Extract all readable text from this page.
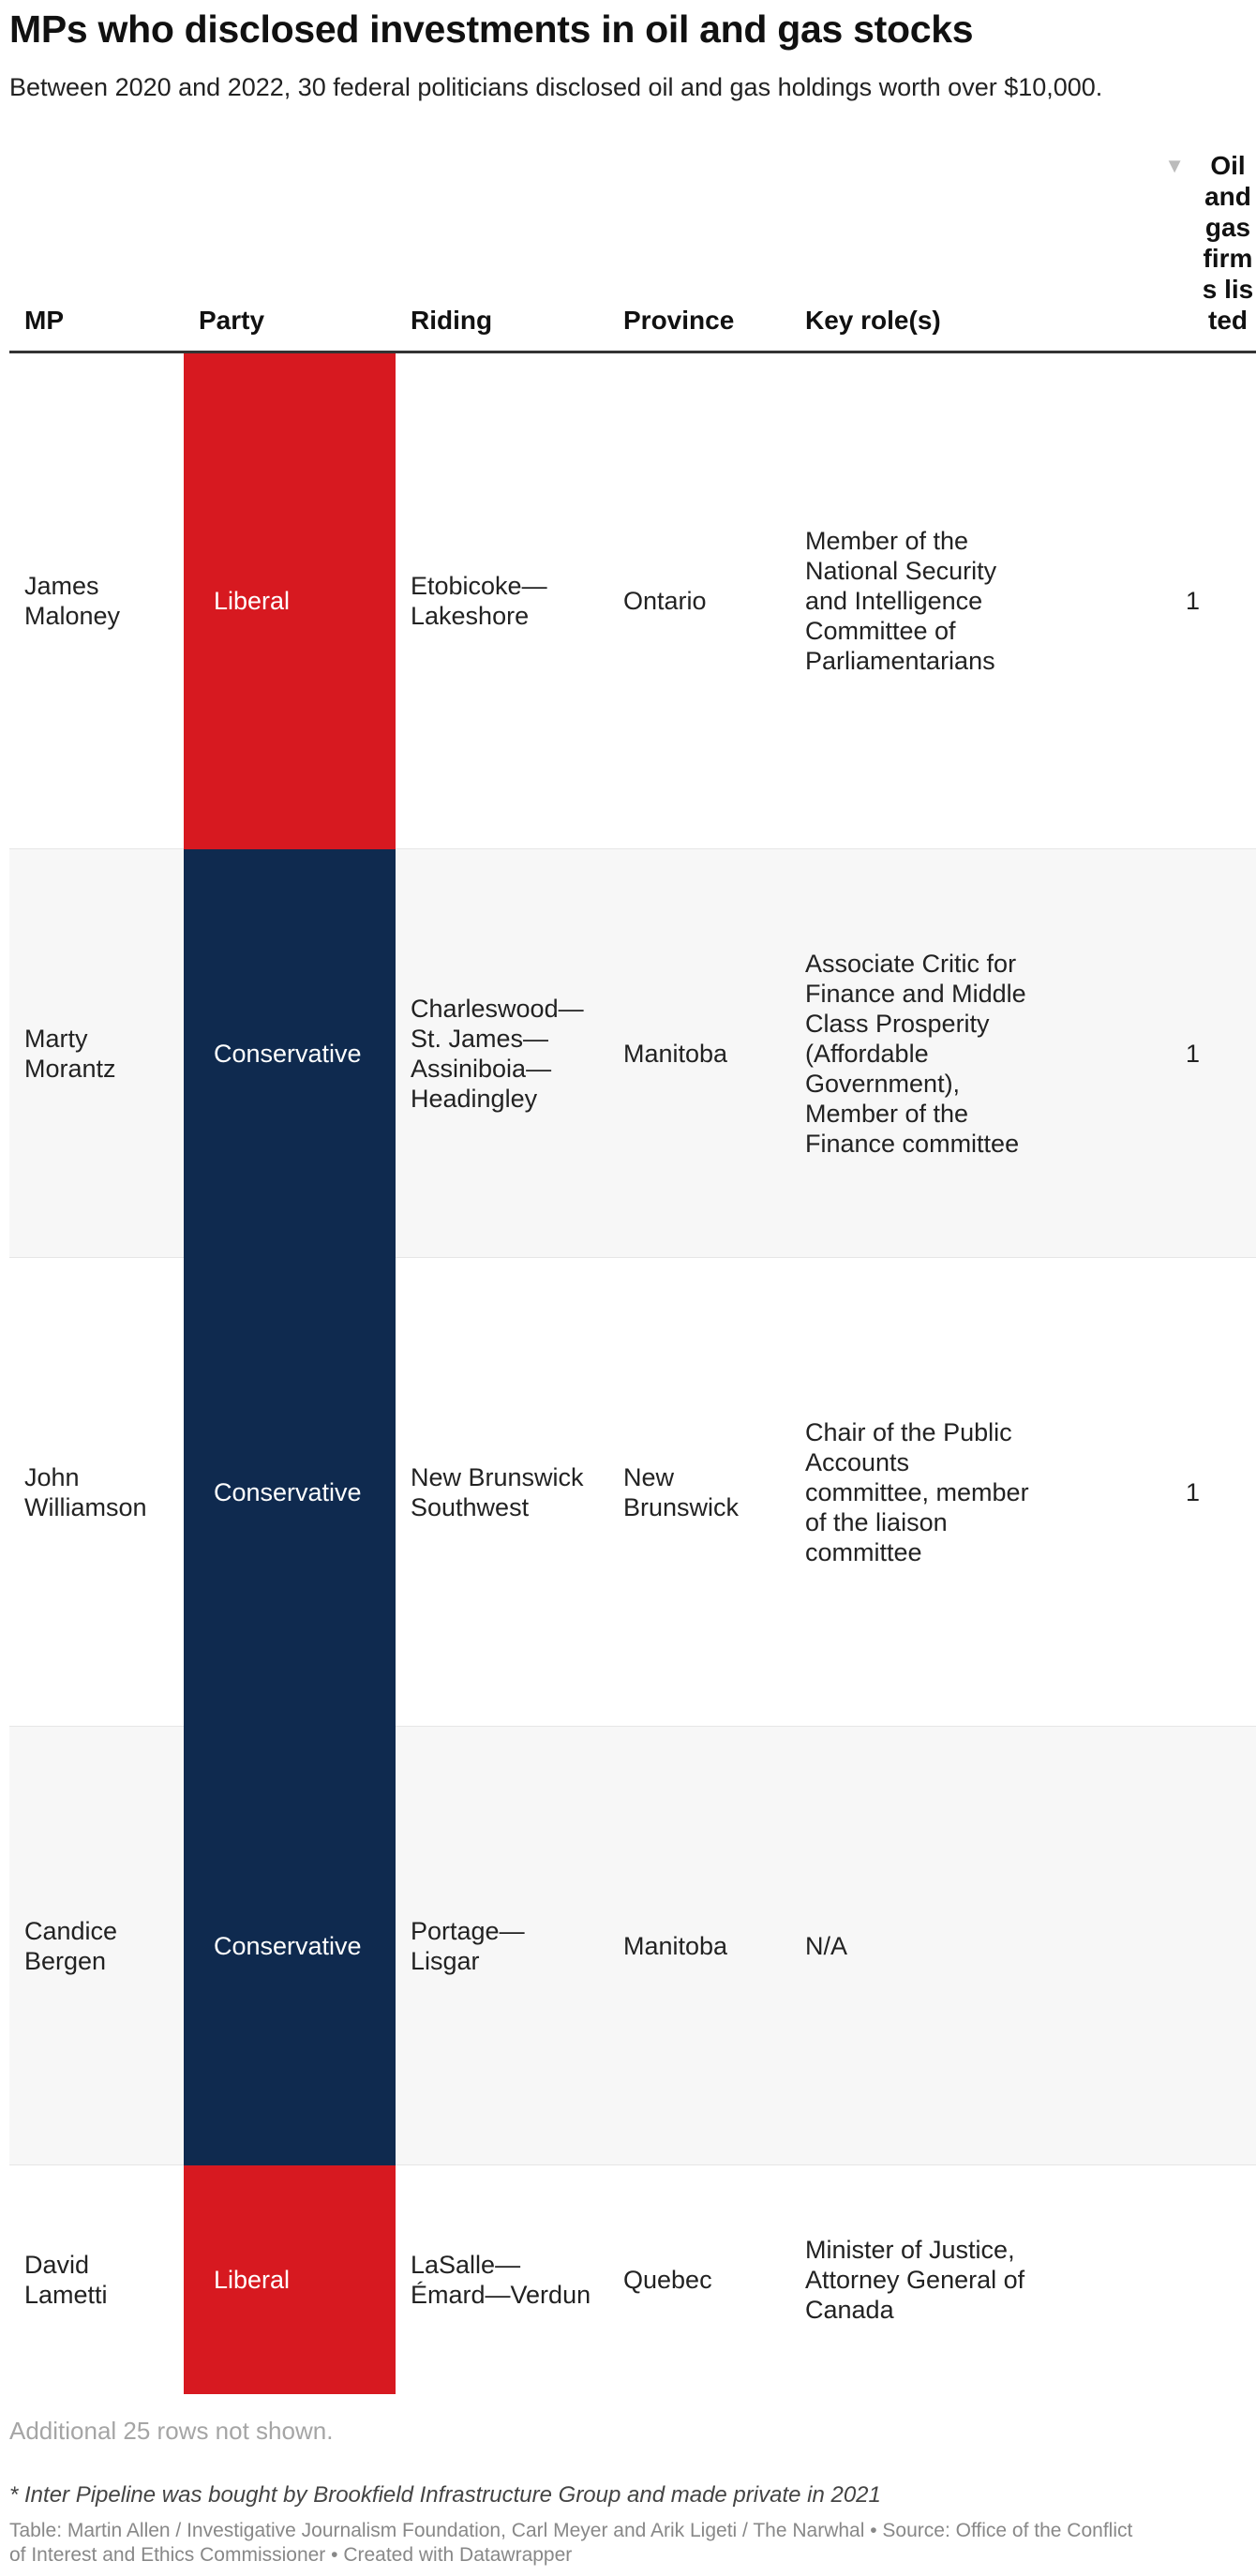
MPs who disclosed investments in oil and gas stocks

Between 2020 and 2022, 30 federal politicians disclosed oil and gas holdings worth over $10,000.

MP	Party	Riding	Province	Key role(s)	▼ Oil and gas firms listed
James Maloney	Liberal	Etobicoke—Lakeshore	Ontario	Member of the National Security and Intelligence Committee of Parliamentarians	1
Marty Morantz	Conservative	Charleswood—St. James—Assiniboia—Headingley	Manitoba	Associate Critic for Finance and Middle Class Prosperity (Affordable Government), Member of the Finance committee	1
John Williamson	Conservative	New Brunswick Southwest	New Brunswick	Chair of the Public Accounts committee, member of the liaison committee	1
Candice Bergen	Conservative	Portage—Lisgar	Manitoba	N/A	
David Lametti	Liberal	LaSalle—Émard—Verdun	Quebec	Minister of Justice, Attorney General of Canada	

Additional 25 rows not shown.

* Inter Pipeline was bought by Brookfield Infrastructure Group and made private in 2021

Table: Martin Allen / Investigative Journalism Foundation, Carl Meyer and Arik Ligeti / The Narwhal • Source: Office of the Conflict of Interest and Ethics Commissioner • Created with Datawrapper
